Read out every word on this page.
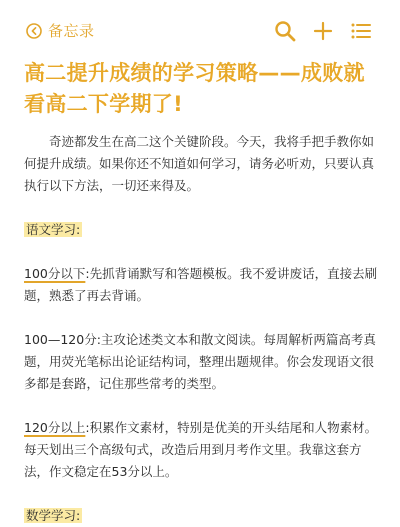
备忘录
高二提升成绩的学习策略——成败就看高二下学期了!

奇迹都发生在高二这个关键阶段。今天，我将手把手教你如何提升成绩。如果你还不知道如何学习，请务必听劝，只要认真执行以下方法，一切还来得及。

语文学习:

100分以下:先抓背诵默写和答题模板。我不爱讲废话，直接去刷题，熟悉了再去背诵。

100—120分:主攻论述类文本和散文阅读。每周解析两篇高考真题，用荧光笔标出论证结构词，整理出题规律。你会发现语文很多都是套路，记住那些常考的类型。

120分以上:积累作文素材，特别是优美的开头结尾和人物素材。每天划出三个高级句式，改造后用到月考作文里。我靠这套方法，作文稳定在53分以上。

数学学习:
